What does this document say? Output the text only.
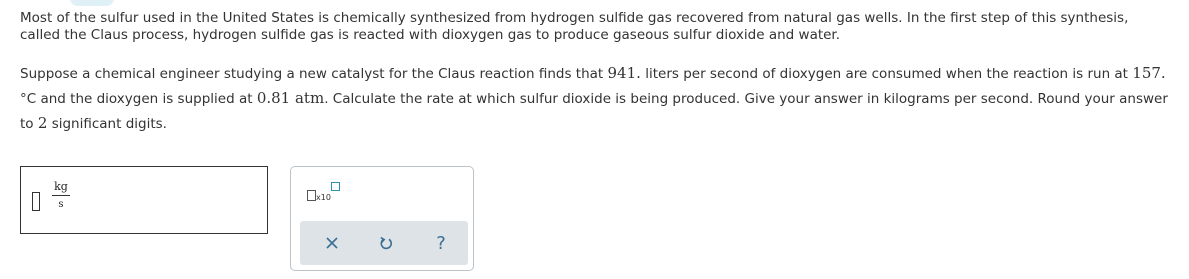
Most of the sulfur used in the United States is chemically synthesized from hydrogen sulfide gas recovered from natural gas wells. In the first step of this synthesis, called the Claus process, hydrogen sulfide gas is reacted with dioxygen gas to produce gaseous sulfur dioxide and water.
Suppose a chemical engineer studying a new catalyst for the Claus reaction finds that 941. liters per second of dioxygen are consumed when the reaction is run at 157. °C and the dioxygen is supplied at 0.81 atm. Calculate the rate at which sulfur dioxide is being produced. Give your answer in kilograms per second. Round your answer to 2 significant digits.
kg
s
x10
?
